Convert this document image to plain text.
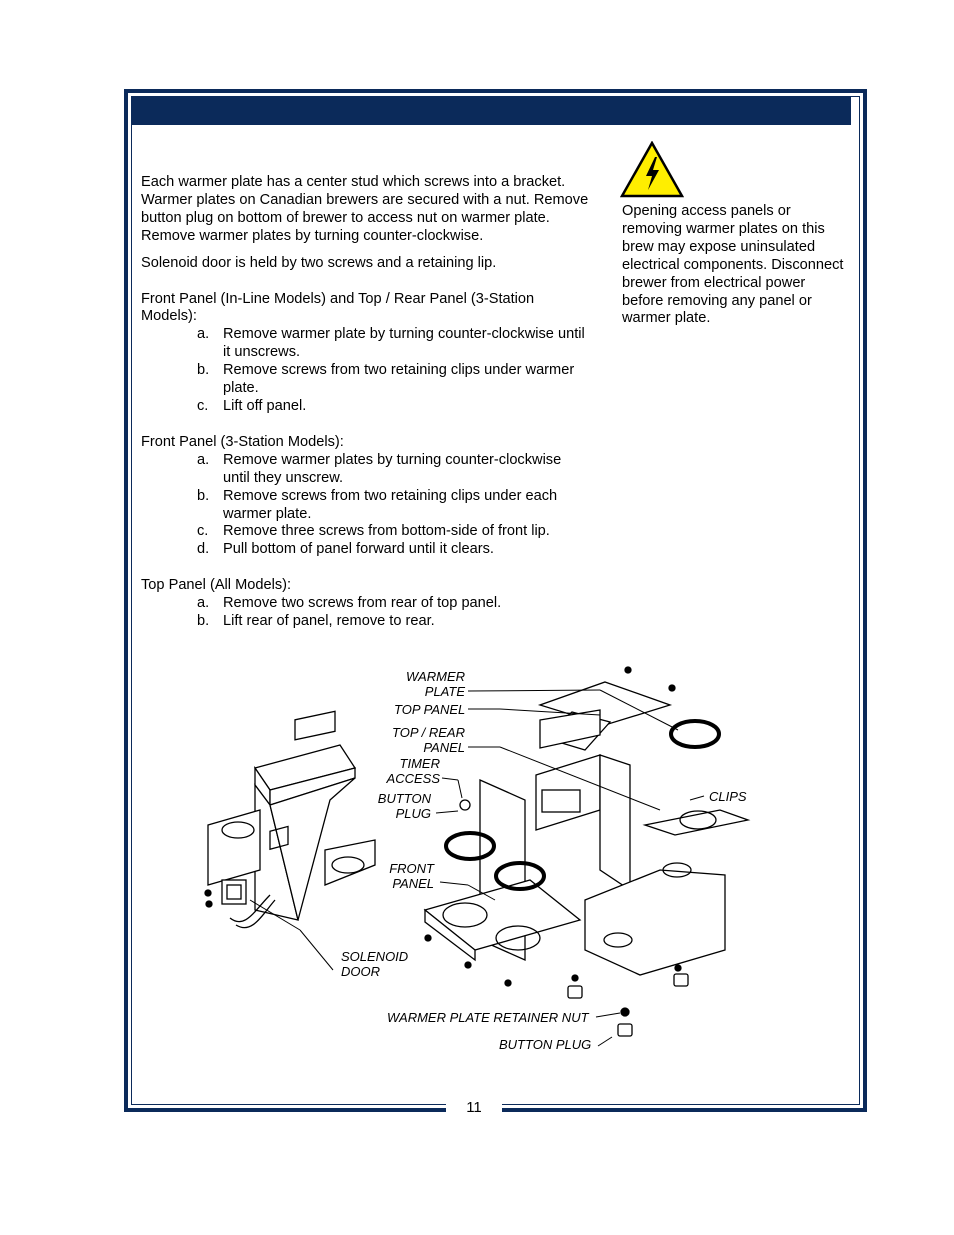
11

Each warmer plate has a center stud which screws into a bracket. Warmer plates on Canadian brewers are secured with a nut. Remove button plug on bottom of brewer to access nut on warmer plate. Remove warmer plates by turning counter-clockwise.

Solenoid door is held by two screws and a retaining lip.

Front Panel (In-Line Models) and Top / Rear Panel (3-Station Models):

a. Remove warmer plate by turning counter-clockwise until it unscrews.
b. Remove screws from two retaining clips under warmer plate.
c.	Lift off panel.

Front Panel (3-Station Models):

a. Remove warmer plates by turning counter-clockwise until they unscrew.
b. Remove screws from two retaining clips under each warmer plate.
c.	Remove three screws from bottom-side of front lip.
d. Pull bottom of panel forward until it clears.

Top Panel (All Models):

a. Remove two screws from rear of top panel.
b. Lift rear of panel, remove to rear.
Opening access panels or removing warmer plates on this brew may expose uninsulated electrical components. Disconnect brewer from electrical power before removing any panel or warmer plate.
WARMER
PLATE
TOP PANEL
TOP / REAR
PANEL
TIMER
ACCESS
BUTTON
PLUG
FRONT
PANEL
CLIPS
SOLENOID
DOOR
WARMER PLATE RETAINER NUT
BUTTON PLUG
